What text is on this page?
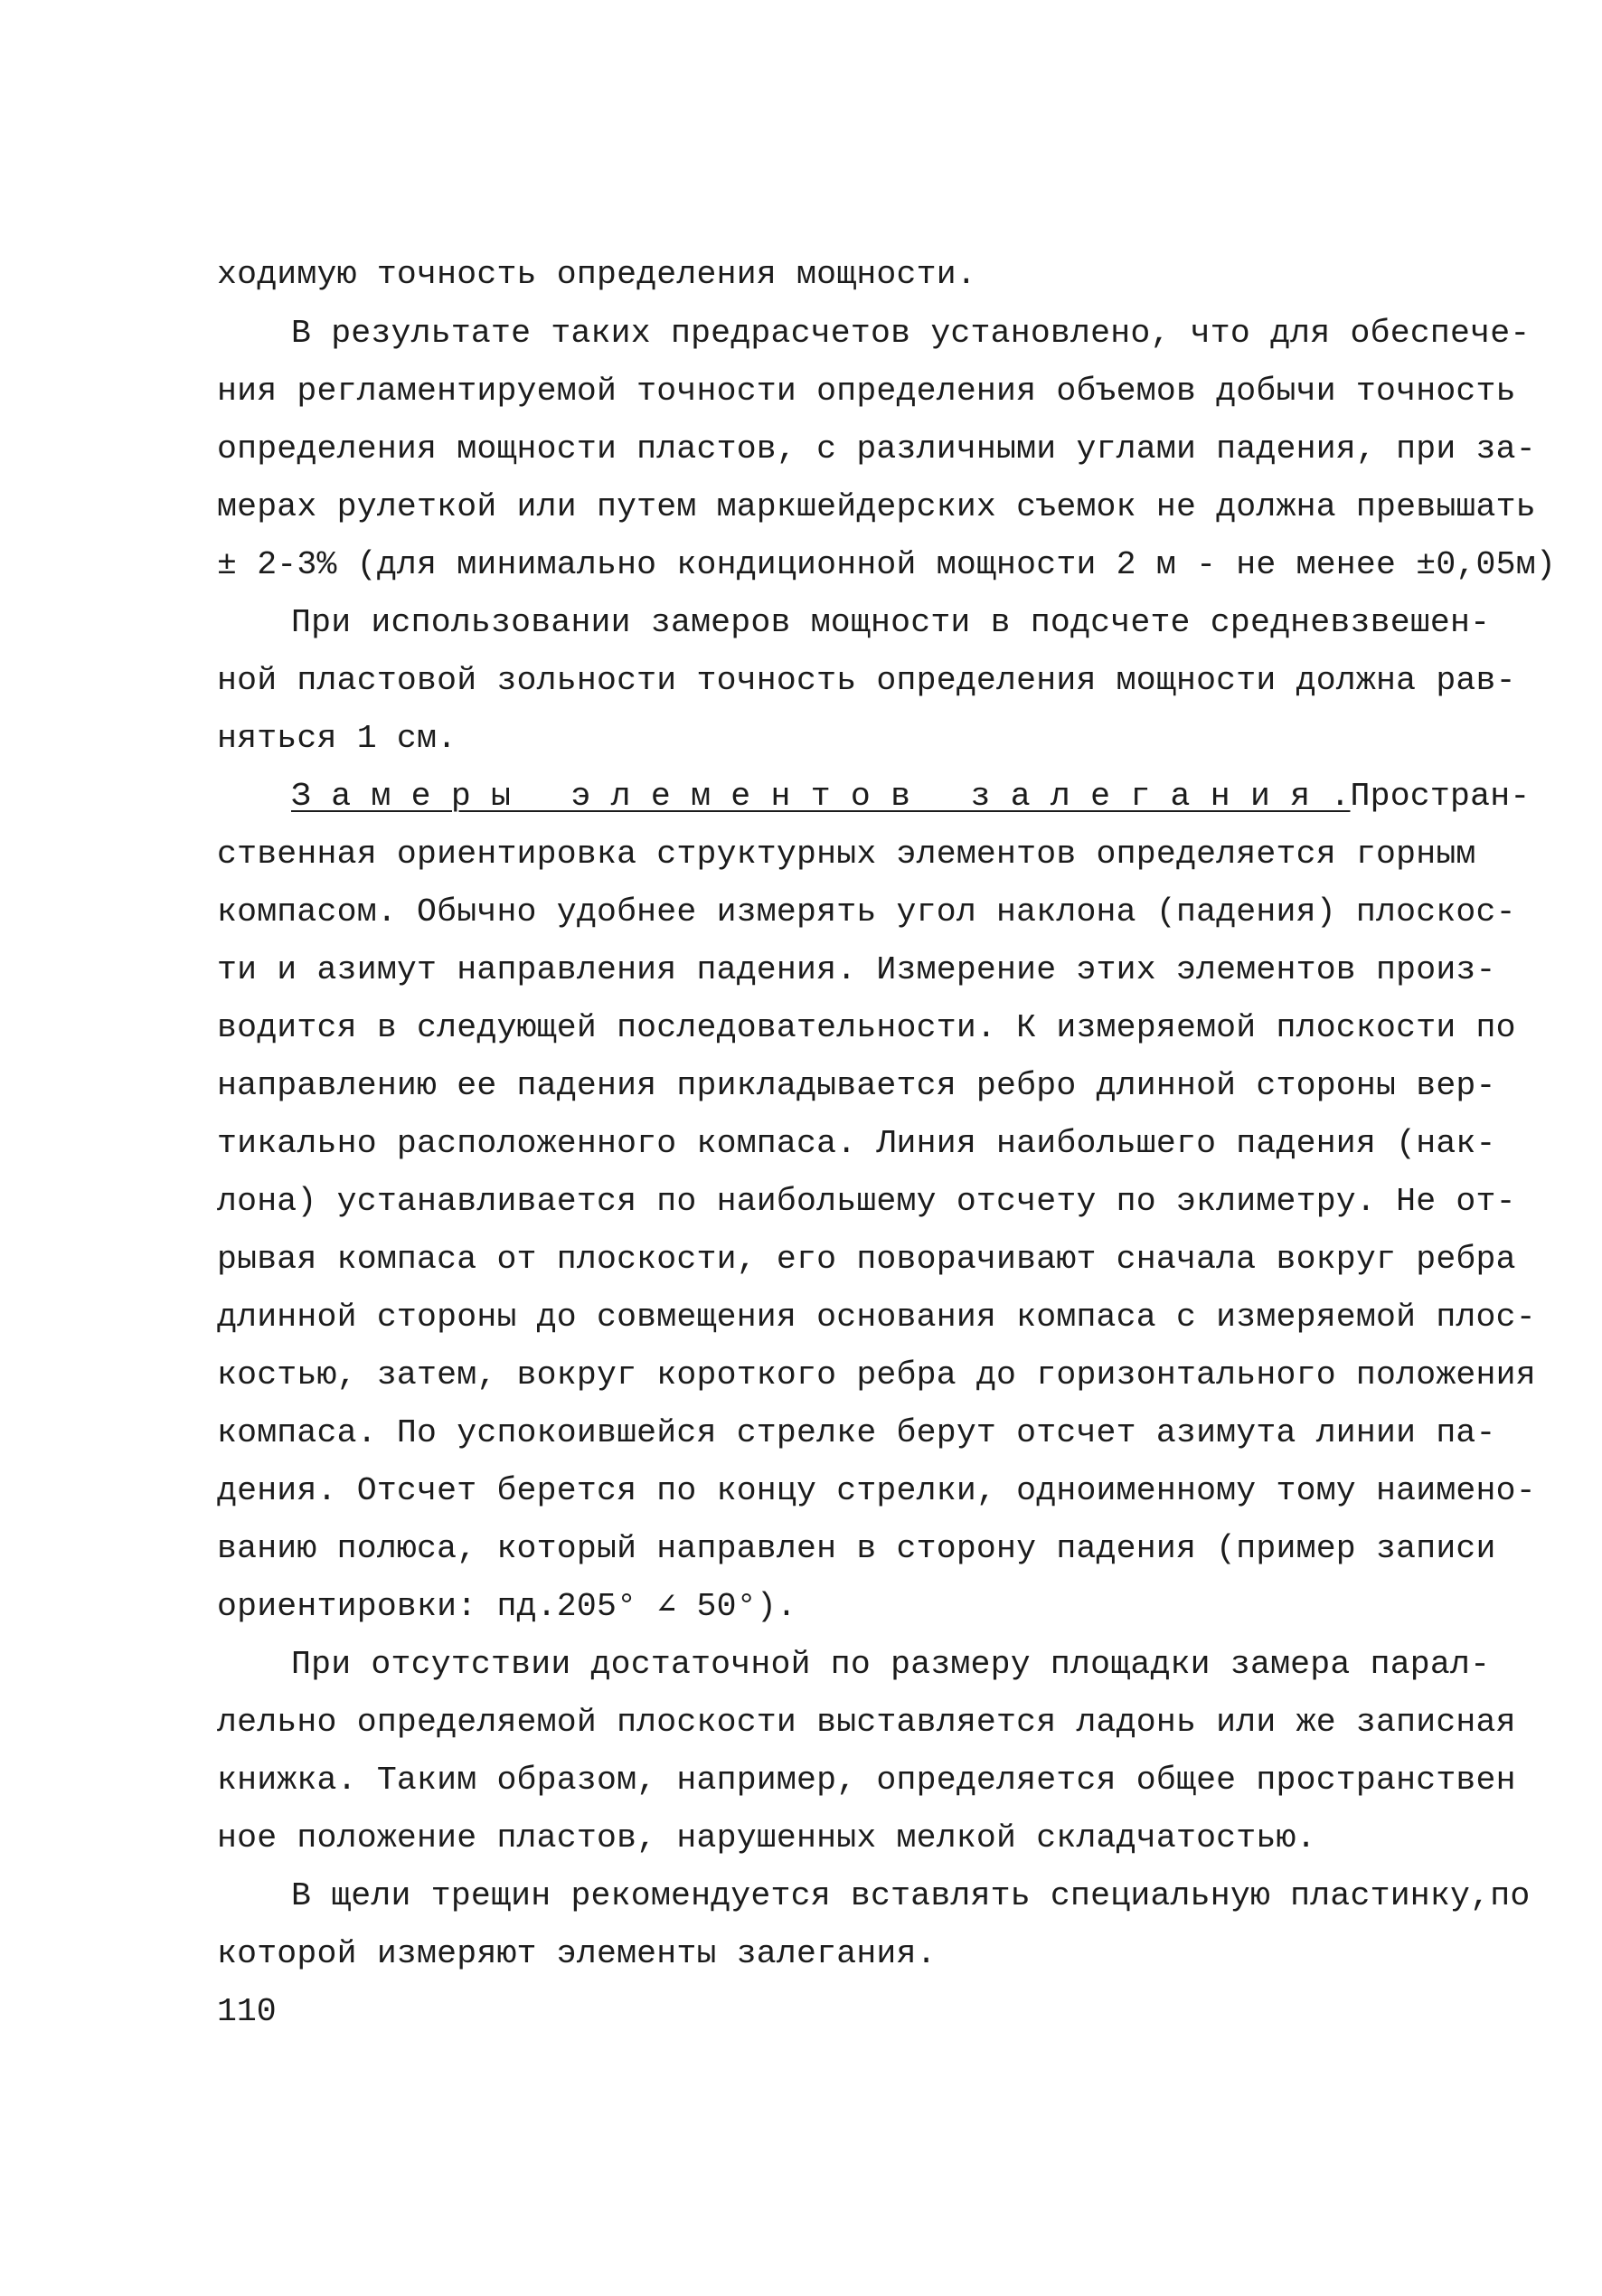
ходимую точность определения мощности.

В результате таких предрасчетов установлено, что для обеспече-

ния регламентируемой точности определения объемов добычи точность

определения мощности пластов, с различными углами падения, при за-

мерах рулеткой или путем маркшейдерских съемок не должна превышать

± 2-3% (для минимально кондиционной мощности 2 м - не менее ±0,05м)

При использовании замеров мощности в подсчете средневзвешен-

ной пластовой зольности точность определения мощности должна рав-

няться 1 см.

З а м е р ы   э л е м е н т о в   з а л е г а н и я .Простран-

ственная ориентировка структурных элементов определяется горным

компасом. Обычно удобнее измерять угол наклона (падения) плоскос-

ти и азимут направления падения. Измерение этих элементов произ-

водится в следующей последовательности. К измеряемой плоскости по

направлению ее падения прикладывается ребро длинной стороны вер-

тикально расположенного компаса. Линия наибольшего падения (нак-

лона) устанавливается по наибольшему отсчету по эклиметру. Не от-

рывая компаса от плоскости, его поворачивают сначала вокруг ребра

длинной стороны до совмещения основания компаса с измеряемой плос-

костью, затем, вокруг короткого ребра до горизонтального положения

компаса. По успокоившейся стрелке берут отсчет азимута линии па-

дения. Отсчет берется по концу стрелки, одноименному тому наимено-

ванию полюса, который направлен в сторону падения (пример записи

ориентировки: пд.205° ∠ 50°).

При отсутствии достаточной по размеру площадки замера парал-

лельно определяемой плоскости выставляется ладонь или же записная

книжка. Таким образом, например, определяется общее пространствен

ное положение пластов, нарушенных мелкой складчатостью.

В щели трещин рекомендуется вставлять специальную пластинку,по

которой измеряют элементы залегания.

110
